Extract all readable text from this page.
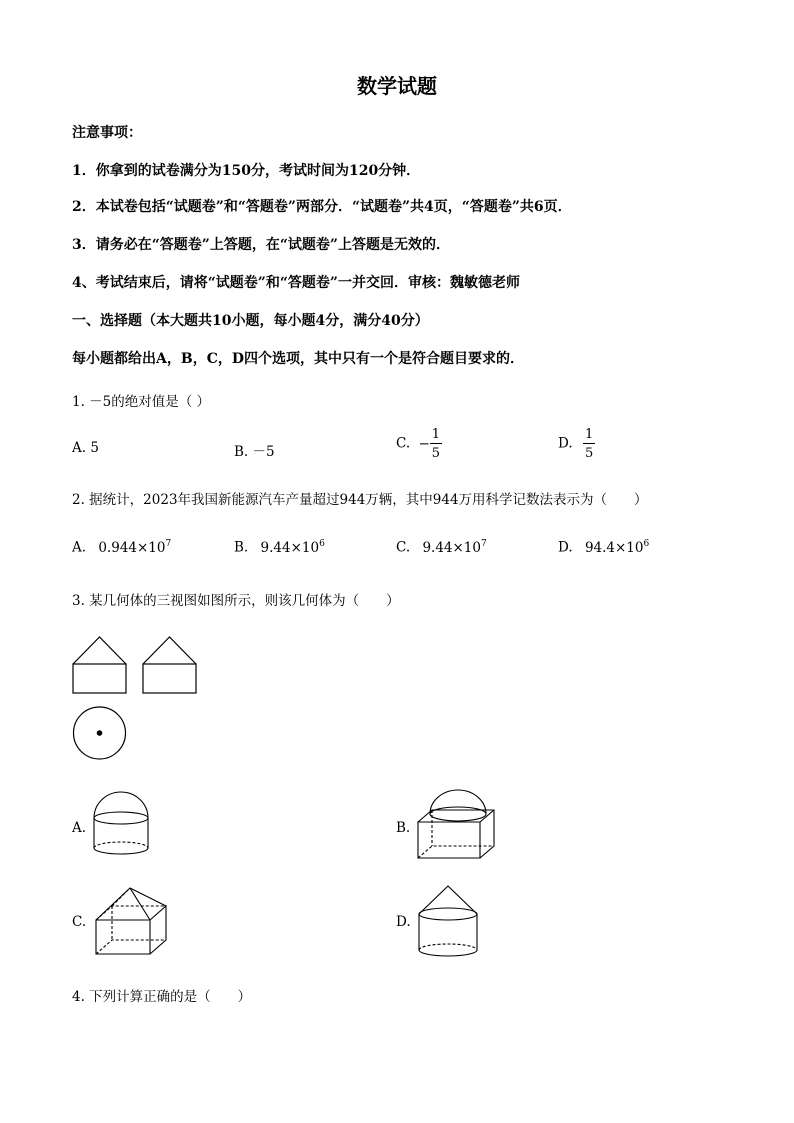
数学试题
注意事项：
1．你拿到的试卷满分为150分，考试时间为120分钟．
2．本试卷包括“试题卷”和“答题卷”两部分．“试题卷”共4页，“答题卷”共6页．
3．请务必在“答题卷”上答题，在“试题卷”上答题是无效的．
4、考试结束后，请将“试题卷”和“答题卷”一并交回．审核：魏敏德老师
一、选择题（本大题共10小题，每小题4分，满分40分）
每小题都给出A，B，C，D四个选项，其中只有一个是符合题目要求的．
1. －5的绝对值是（ ）
A. 5	B. －5
C. − $\frac{1}{5}$	D. $\frac{1}{5}$
2. 据统计，2023年我国新能源汽车产量超过944万辆，其中944万用科学记数法表示为（　　）
A. $0.944\times 10^7$	B. $9.44\times 10^6$	C. $9.44\times 10^7$	D. $94.4\times 10^6$
3. 某几何体的三视图如图所示，则该几何体为（　　）
A.	B.
C.	D.
4. 下列计算正确的是（　　）
